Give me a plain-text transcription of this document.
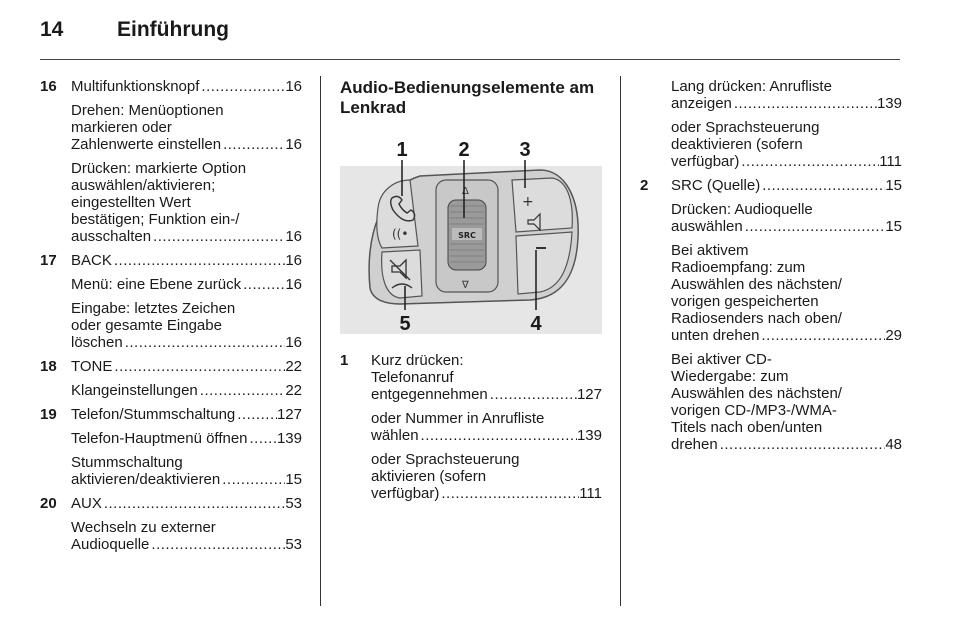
14	Einführung
16 Multifunktionsknopf .....	16
Drehen: Menüoptionen
markieren oder
Zahlenwerte einstellen .....	16
Drücken: markierte Option
auswählen/aktivieren;
eingestellten Wert
bestätigen; Funktion ein-/
ausschalten .....	16
17 BACK .....	16
Menü: eine Ebene zurück .....	16
Eingabe: letztes Zeichen
oder gesamte Eingabe
löschen .....	16
18 TONE .....	22
Klangeinstellungen .....	22
19 Telefon/Stummschaltung .....	127
Telefon-Hauptmenü öffnen ..... 139
Stummschaltung
aktivieren/deaktivieren .....	15
20 AUX .....	53
Wechseln zu externer
Audioquelle .....	53
Audio-Bedienungselemente am
Lenkrad
((•
Δ
∇
SRC
+
1	2 3
4
5
1 Kurz drücken:
Telefonanruf
entgegennehmen .....	127
oder Nummer in Anrufliste
wählen .....	139
oder Sprachsteuerung
aktivieren (sofern
verfügbar) .....	111
Lang drücken: Anrufliste
anzeigen .....	139
oder Sprachsteuerung
deaktivieren (sofern
verfügbar) .....	111
2 SRC (Quelle) .....	15
Drücken: Audioquelle
auswählen .....	15
Bei aktivem
Radioempfang: zum
Auswählen des nächsten/
vorigen gespeicherten
Radiosenders nach oben/
unten drehen .....	29
Bei aktiver CD-
Wiedergabe: zum
Auswählen des nächsten/
vorigen CD-/MP3-/WMA-
Titels nach oben/unten
drehen .....	48
